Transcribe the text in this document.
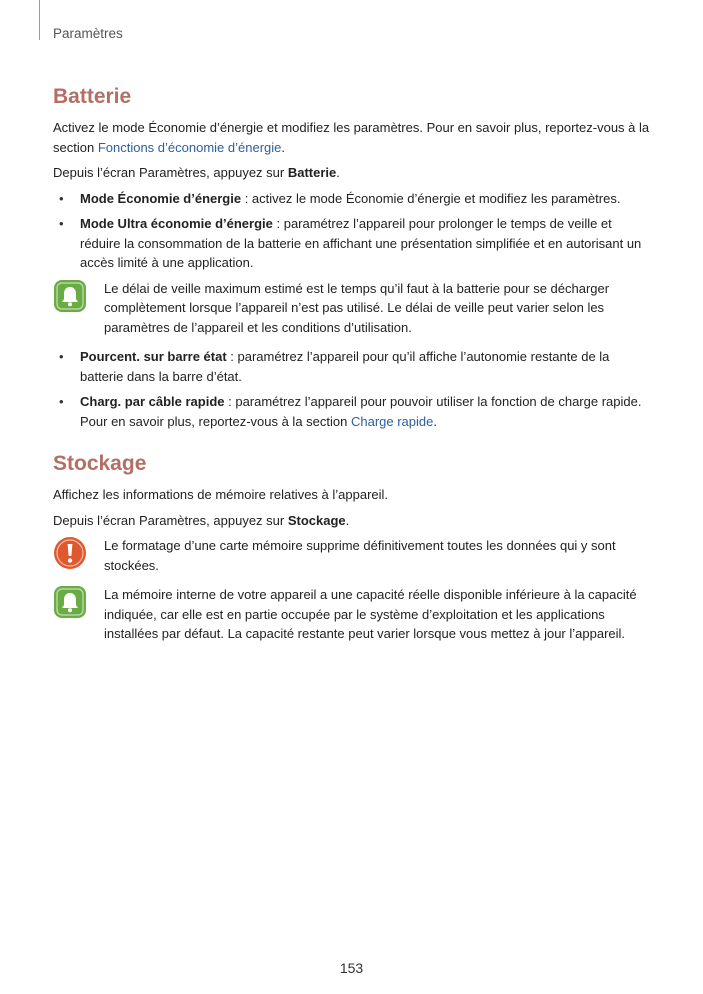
Paramètres
Batterie

Activez le mode Économie d’énergie et modifiez les paramètres. Pour en savoir plus, reportez-vous à la section Fonctions d’économie d’énergie.

Depuis l’écran Paramètres, appuyez sur Batterie.

• Mode Économie d’énergie : activez le mode Économie d’énergie et modifiez les paramètres.
• Mode Ultra économie d’énergie : paramétrez l’appareil pour prolonger le temps de veille et réduire la consommation de la batterie en affichant une présentation simplifiée et en autorisant un accès limité à une application.
Le délai de veille maximum estimé est le temps qu’il faut à la batterie pour se décharger complètement lorsque l’appareil n’est pas utilisé. Le délai de veille peut varier selon les paramètres de l’appareil et les conditions d’utilisation.
• Pourcent. sur barre état : paramétrez l’appareil pour qu’il affiche l’autonomie restante de la batterie dans la barre d’état.
• Charg. par câble rapide : paramétrez l’appareil pour pouvoir utiliser la fonction de charge rapide. Pour en savoir plus, reportez-vous à la section Charge rapide.
Stockage

Affichez les informations de mémoire relatives à l’appareil.

Depuis l’écran Paramètres, appuyez sur Stockage.

Le formatage d’une carte mémoire supprime définitivement toutes les données qui y sont stockées.
La mémoire interne de votre appareil a une capacité réelle disponible inférieure à la capacité indiquée, car elle est en partie occupée par le système d’exploitation et les applications installées par défaut. La capacité restante peut varier lorsque vous mettez à jour l’appareil.
153
